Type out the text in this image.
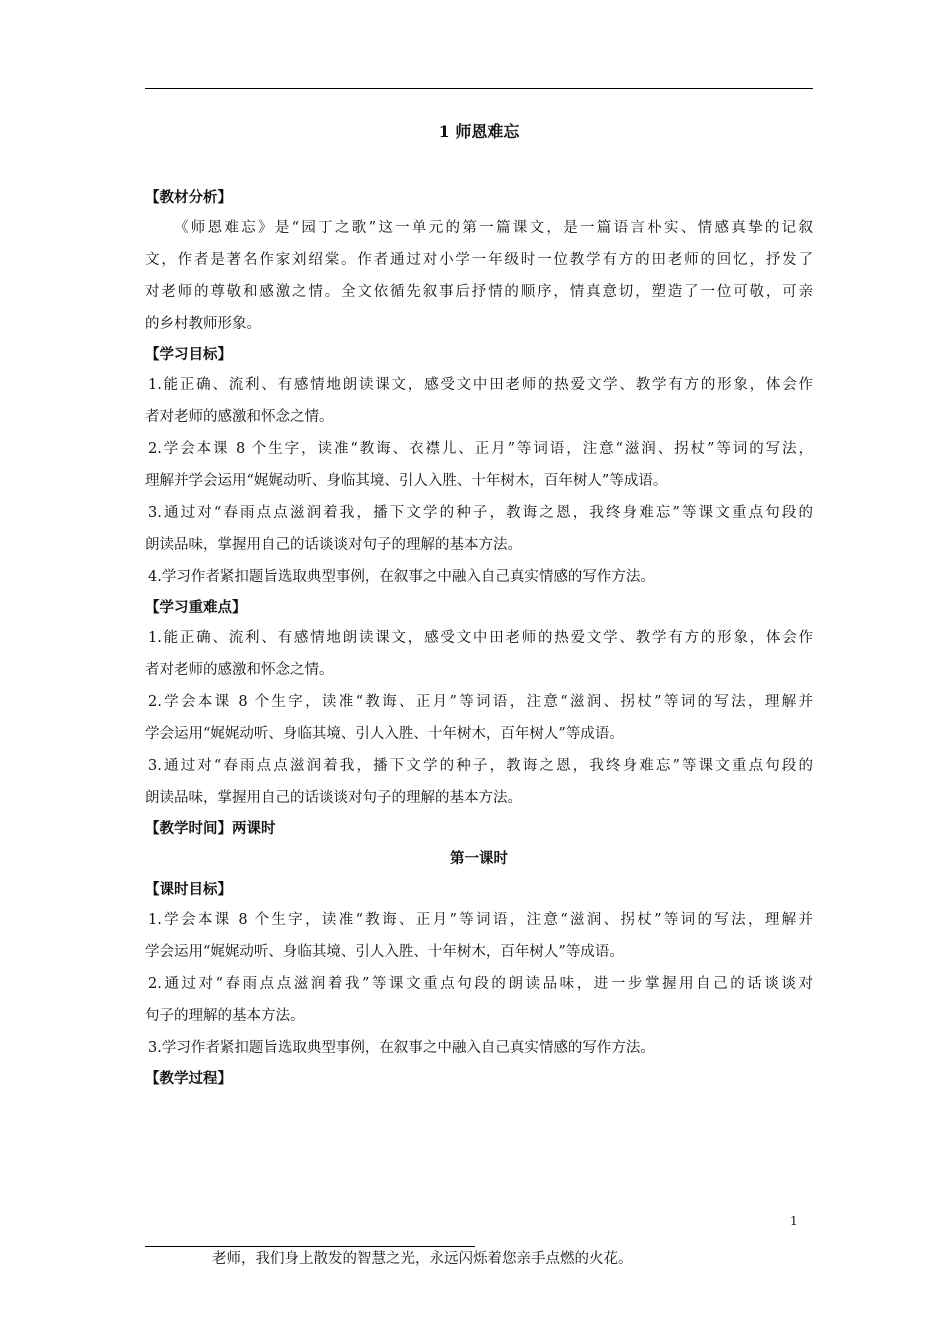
1 师恩难忘
【教材分析】
《师恩难忘》是“园丁之歌”这一单元的第一篇课文，是一篇语言朴实、情感真挚的记叙
文，作者是著名作家刘绍棠。作者通过对小学一年级时一位教学有方的田老师的回忆，抒发了
对老师的尊敬和感激之情。全文依循先叙事后抒情的顺序，情真意切，塑造了一位可敬，可亲
的乡村教师形象。
【学习目标】
1.能正确、流利、有感情地朗读课文，感受文中田老师的热爱文学、教学有方的形象，体会作
者对老师的感激和怀念之情。
2.学会本课 8 个生字，读准“教诲、衣襟儿、正月”等词语，注意“滋润、拐杖”等词的写法，
理解并学会运用“娓娓动听、身临其境、引人入胜、十年树木，百年树人”等成语。
3.通过对“春雨点点滋润着我，播下文学的种子，教诲之恩，我终身难忘”等课文重点句段的
朗读品味，掌握用自己的话谈谈对句子的理解的基本方法。
4.学习作者紧扣题旨选取典型事例，在叙事之中融入自己真实情感的写作方法。
【学习重难点】
1.能正确、流利、有感情地朗读课文，感受文中田老师的热爱文学、教学有方的形象，体会作
者对老师的感激和怀念之情。
2.学会本课 8 个生字，读准“教诲、正月”等词语，注意“滋润、拐杖”等词的写法，理解并
学会运用“娓娓动听、身临其境、引人入胜、十年树木，百年树人”等成语。
3.通过对“春雨点点滋润着我，播下文学的种子，教诲之恩，我终身难忘”等课文重点句段的
朗读品味，掌握用自己的话谈谈对句子的理解的基本方法。
【教学时间】两课时
第一课时
【课时目标】
1.学会本课 8 个生字，读准“教诲、正月”等词语，注意“滋润、拐杖”等词的写法，理解并
学会运用“娓娓动听、身临其境、引人入胜、十年树木，百年树人”等成语。
2.通过对“春雨点点滋润着我”等课文重点句段的朗读品味，进一步掌握用自己的话谈谈对
句子的理解的基本方法。
3.学习作者紧扣题旨选取典型事例，在叙事之中融入自己真实情感的写作方法。
【教学过程】
1
老师，我们身上散发的智慧之光，永远闪烁着您亲手点燃的火花。
